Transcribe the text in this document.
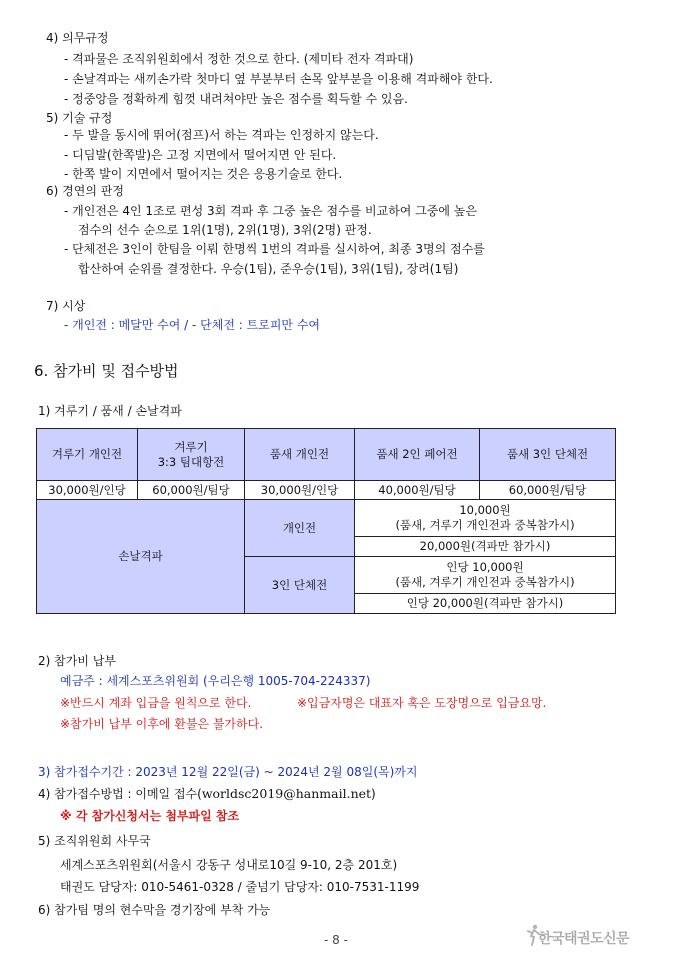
4) 의무규정
- 격파물은 조직위원회에서 정한 것으로 한다. (제미타 전자 격파대)
- 손날격파는 새끼손가락 첫마디 옆 부분부터 손목 앞부분을 이용해 격파해야 한다.
- 정중앙을 정확하게 힘껏 내려쳐야만 높은 점수를 획득할 수 있음.
5) 기술 규정
- 두 발을 동시에 뛰어(점프)서 하는 격파는 인정하지 않는다.
- 디딤발(한쪽발)은 고정 지면에서 떨어지면 안 된다.
- 한쪽 발이 지면에서 떨어지는 것은 응용기술로 한다.
6) 경연의 판정
- 개인전은 4인 1조로 편성 3회 격파 후 그중 높은 점수를 비교하여 그중에 높은
점수의 선수 순으로 1위(1명), 2위(1명), 3위(2명) 판정.
- 단체전은 3인이 한팀을 이뤄 한명씩 1번의 격파를 실시하여, 최종 3명의 점수를
합산하여 순위를 결정한다. 우승(1팀), 준우승(1팀), 3위(1팀), 장려(1팀)
7) 시상
- 개인전 : 메달만 수여 / - 단체전 : 트로피만 수여
6. 참가비 및 접수방법
1) 겨루기 / 품새 / 손날격파
겨루기 개인전	겨루기
3:3 팀대항전	품새 개인전	품새 2인 페어전	품새 3인 단체전
30,000원/인당	60,000원/팀당	30,000원/인당	40,000원/팀당	60,000원/팀당
손날격파		개인전	10,000원
(품새, 겨루기 개인전과 중복참가시)	
			20,000원(격파만 참가시)	
		3인 단체전	인당 10,000원
(품새, 겨루기 개인전과 중복참가시)	
			인당 20,000원(격파만 참가시)	
2) 참가비 납부
예금주 : 세계스포츠위원회 (우리은행 1005-704-224337)
※반드시 계좌 입금을 원칙으로 한다.	※입금자명은 대표자 혹은 도장명으로 입금요망.
※참가비 납부 이후에 환불은 불가하다.
3) 참가접수기간 : 2023년 12월 22일(금) ~ 2024년 2월 08일(목)까지
4) 참가접수방법 : 이메일 접수(worldsc2019@hanmail.net)
※ 각 참가신청서는 첨부파일 참조
5) 조직위원회 사무국
세계스포츠위원회(서울시 강동구 성내로10길 9-10, 2층 201호)
태권도 담당자: 010-5461-0328 / 줄넘기 담당자: 010-7531-1199
6) 참가팀 명의 현수막을 경기장에 부착 가능
- 8 -	한국태권도신문
